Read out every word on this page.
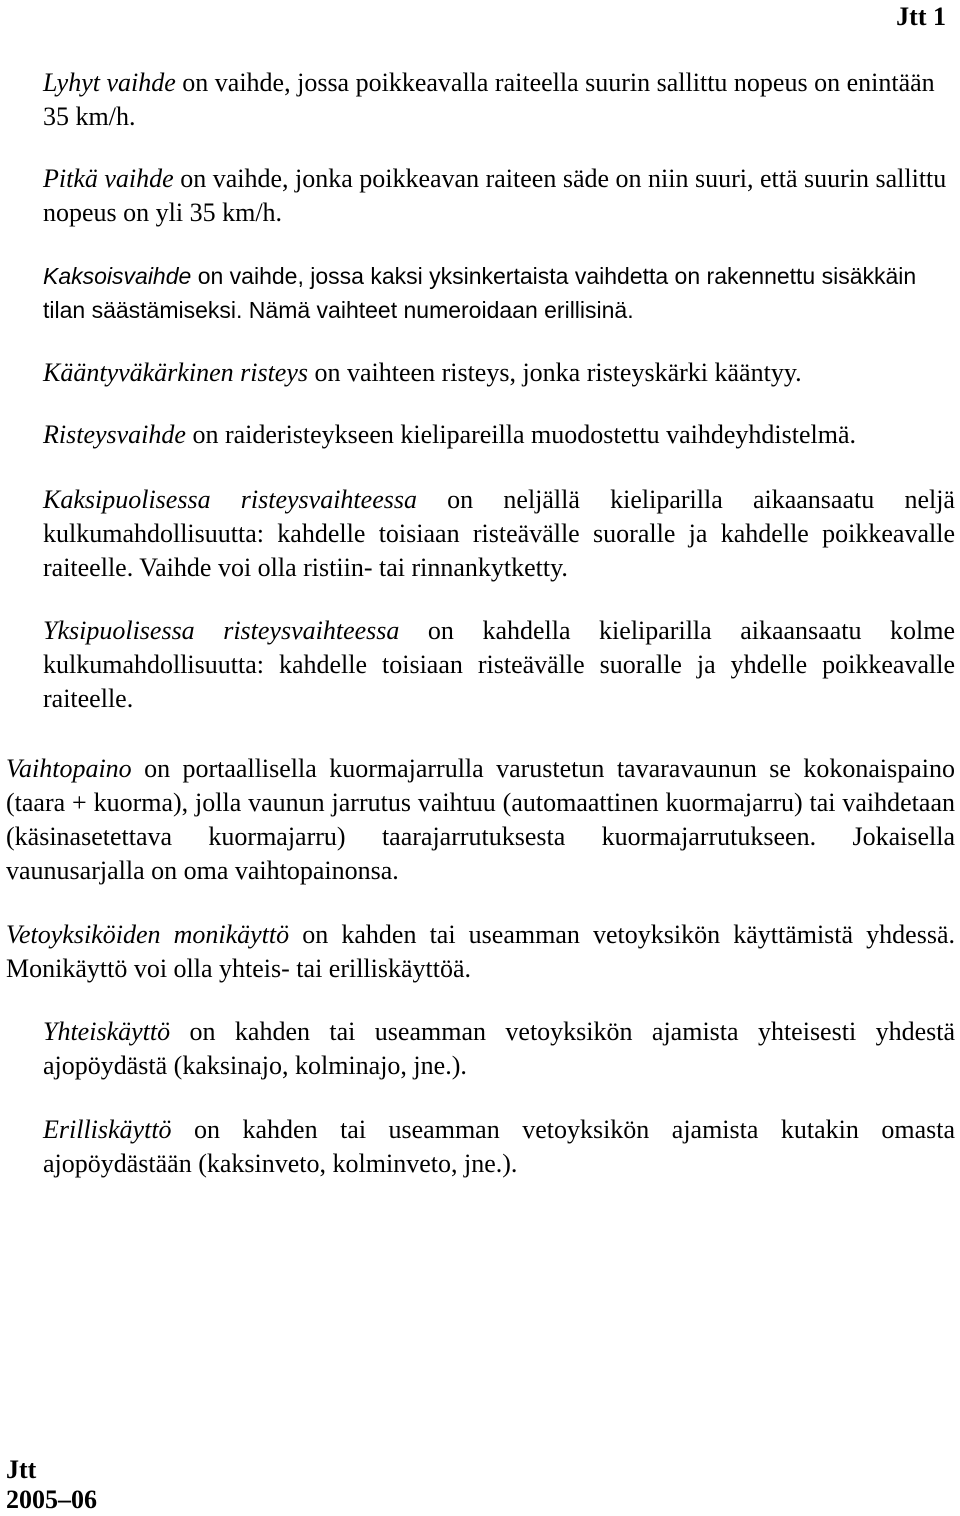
Jtt 1

Lyhyt vaihde on vaihde, jossa poikkeavalla raiteella suurin sallittu nopeus on enintään 35 km/h.

Pitkä vaihde on vaihde, jonka poikkeavan raiteen säde on niin suuri, että suurin sallittu nopeus on yli 35 km/h.

Kaksoisvaihde on vaihde, jossa kaksi yksinkertaista vaihdetta on rakennettu sisäkkäin tilan säästämiseksi. Nämä vaihteet numeroidaan erillisinä.

Kääntyväkärkinen risteys on vaihteen risteys, jonka risteyskärki kääntyy.

Risteysvaihde on raideristeykseen kielipareilla muodostettu vaihdeyhdistelmä.

Kaksipuolisessa risteysvaihteessa on neljällä kieliparilla aikaansaatu neljä kulkumahdollisuutta: kahdelle toisiaan risteävälle suoralle ja kahdelle poikkeavalle raiteelle. Vaihde voi olla ristiin- tai rinnankytketty.

Yksipuolisessa risteysvaihteessa on kahdella kieliparilla aikaansaatu kolme kulkumahdollisuutta: kahdelle toisiaan risteävälle suoralle ja yhdelle poikkeavalle raiteelle.

Vaihtopaino on portaallisella kuormajarrulla varustetun tavaravaunun se kokonaispaino (taara + kuorma), jolla vaunun jarrutus vaihtuu (automaattinen kuormajarru) tai vaihdetaan (käsinasetettava kuormajarru) taarajarrutuksesta kuormajarrutukseen. Jokaisella vaunusarjalla on oma vaihtopainonsa.

Vetoyksiköiden monikäyttö on kahden tai useamman vetoyksikön käyttämistä yhdessä. Monikäyttö voi olla yhteis- tai erilliskäyttöä.

Yhteiskäyttö on kahden tai useamman vetoyksikön ajamista yhteisesti yhdestä ajopöydästä (kaksinajo, kolminajo, jne.).

Erilliskäyttö on kahden tai useamman vetoyksikön ajamista kutakin omasta ajopöydästään (kaksinveto, kolminveto, jne.).

Jtt
2005–06
